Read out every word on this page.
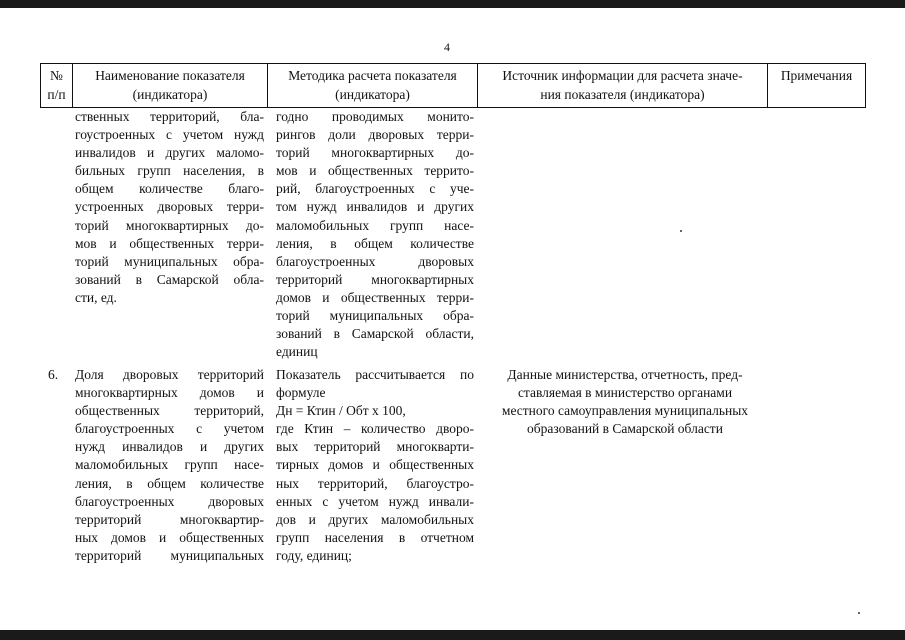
4
№
п/п
Наименование показателя
(индикатора)
Методика расчета показателя
(индикатора)
Источник информации для расчета значе-
ния показателя (индикатора)
Примечания
ственных территорий, бла-
гоустроенных с учетом нужд
инвалидов и других маломо-
бильных групп населения, в
общем количестве благо-
устроенных дворовых терри-
торий многоквартирных до-
мов и общественных терри-
торий муниципальных обра-
зований в Самарской обла-
сти, ед.
годно проводимых монито-
рингов доли дворовых терри-
торий многоквартирных до-
мов и общественных террито-
рий, благоустроенных с уче-
том нужд инвалидов и других
маломобильных групп насе-
ления, в общем количестве
благоустроенных дворовых
территорий многоквартирных
домов и общественных терри-
торий муниципальных обра-
зований в Самарской области,
единиц
6.	Доля дворовых территорий
многоквартирных домов и
общественных территорий,
благоустроенных с учетом
нужд инвалидов и других
маломобильных групп насе-
ления, в общем количестве
благоустроенных дворовых
территорий многоквартир-
ных домов и общественных
территорий муниципальных
Показатель рассчитывается по
формуле
Дн = Ктин / Обт х 100,
где Ктин – количество дворо-
вых территорий многокварти-
тирных домов и общественных
ных территорий, благоустро-
енных с учетом нужд инвали-
дов и других маломобильных
групп населения в отчетном
году, единиц;
Данные министерства, отчетность, пред-
ставляемая в министерство органами
местного самоуправления муниципальных
образований в Самарской области
